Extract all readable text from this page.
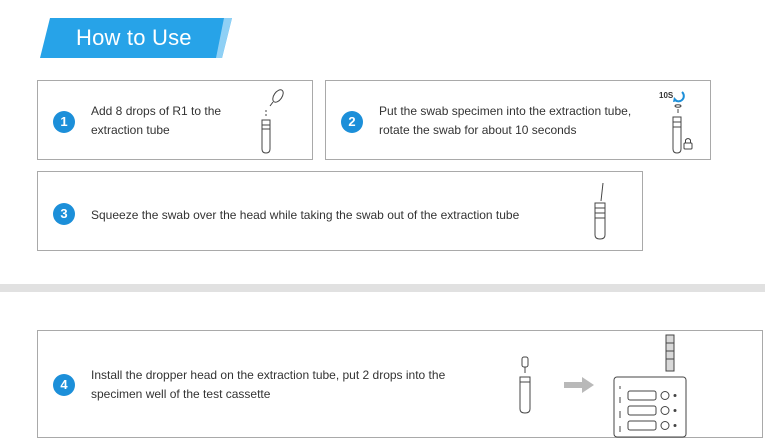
How to Use
1
Add 8 drops of R1 to the extraction tube
2
Put the swab specimen into the extraction tube, rotate the swab for about 10 seconds
10S
3	Squeeze the swab over the head while taking the swab out of the extraction tube
4
Install the dropper head on the extraction tube, put 2 drops into the specimen well of the test cassette
